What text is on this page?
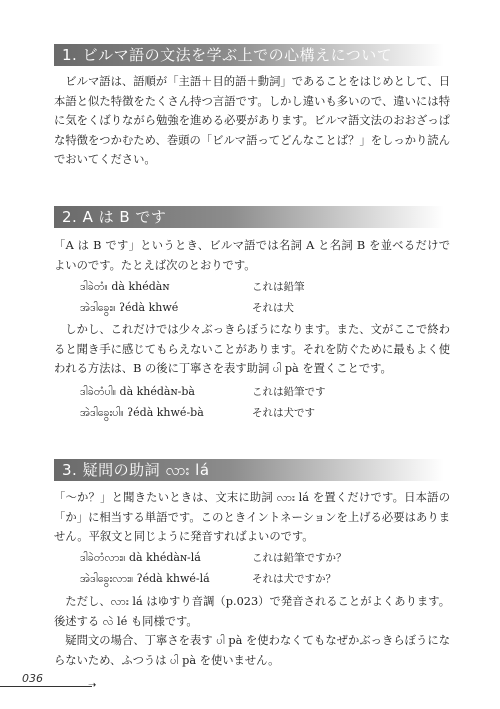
1. ビルマ語の文法を学ぶ上での心構えについて

ビルマ語は、語順が「主語＋目的語＋動詞」であることをはじめとして、日本語と似た特徴をたくさん持つ言語です。しかし違いも多いので、違いには特に気をくばりながら勉強を進める必要があります。ビルマ語文法のおおざっぱな特徴をつかむため、巻頭の「ビルマ語ってどんなことば？」をしっかり読んでおいてください。

2. A は B です

「A は B です」というとき、ビルマ語では名詞 A と名詞 B を並べるだけでよいのです。たとえば次のとおりです。

ဒါခဲတံ။ dà khédàɴ	これは鉛筆
အဲဒါခွေး။ ʔédà khwé	それは犬

しかし、これだけでは少々ぶっきらぼうになります。また、文がここで終わると聞き手に感じてもらえないことがあります。それを防ぐために最もよく使われる方法は、B の後に丁寧さを表す助詞 ပါ pà を置くことです。

ဒါခဲတံပါ။ dà khédàɴ-bà	これは鉛筆です
အဲဒါခွေးပါ။ ʔédà khwé-bà	それは犬です
3. 疑問の助詞 လား lá

「〜か？」と聞きたいときは、文末に助詞 လား lá を置くだけです。日本語の「か」に相当する単語です。このときイントネーションを上げる必要はありません。平叙文と同じように発音すればよいのです。

ဒါခဲတံလား။ dà khédàɴ-lá	これは鉛筆ですか？
အဲဒါခွေးလား။ ʔédà khwé-lá	それは犬ですか？

ただし、လား lá はゆすり音調（p.023）で発音されることがよくあります。後述する လဲ lé も同様です。

疑問文の場合、丁寧さを表す ပါ pà を使わなくてもなぜかぶっきらぼうにならないため、ふつうは ပါ pà を使いません。

036
➝
